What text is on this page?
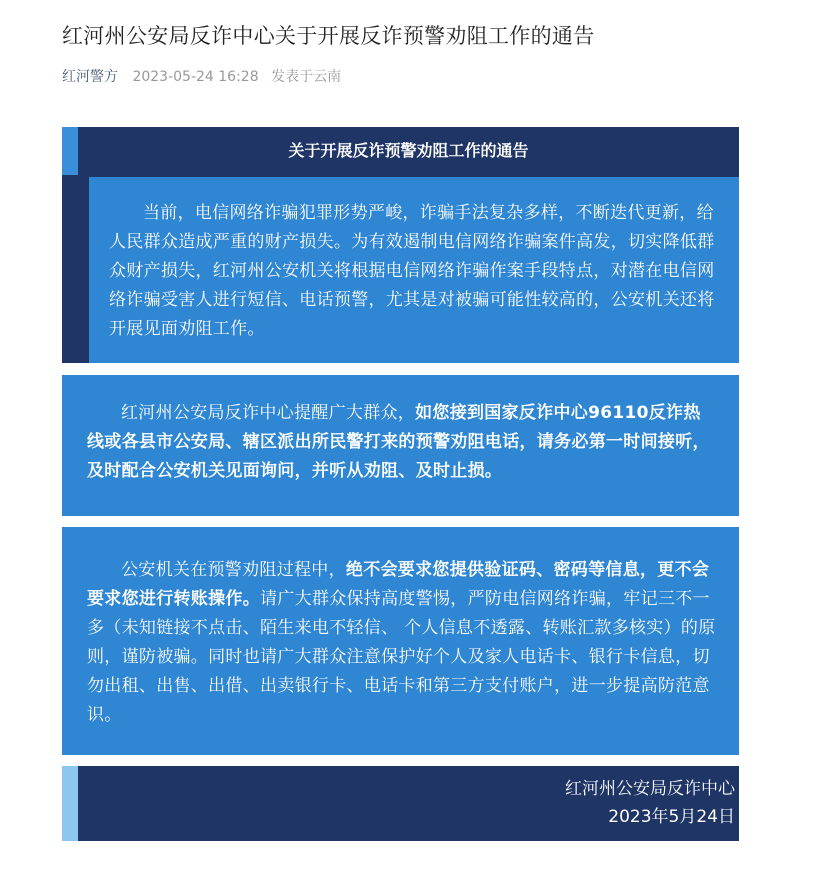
红河州公安局反诈中心关于开展反诈预警劝阻工作的通告
红河警方 2023-05-24 16:28 发表于云南
关于开展反诈预警劝阻工作的通告
当前，电信网络诈骗犯罪形势严峻，诈骗手法复杂多样，不断迭代更新，给人民群众造成严重的财产损失。为有效遏制电信网络诈骗案件高发，切实降低群众财产损失，红河州公安机关将根据电信网络诈骗作案手段特点，对潜在电信网络诈骗受害人进行短信、电话预警，尤其是对被骗可能性较高的，公安机关还将开展见面劝阻工作。
红河州公安局反诈中心提醒广大群众，如您接到国家反诈中心96110反诈热线或各县市公安局、辖区派出所民警打来的预警劝阻电话，请务必第一时间接听，及时配合公安机关见面询问，并听从劝阻、及时止损。
公安机关在预警劝阻过程中，绝不会要求您提供验证码、密码等信息，更不会要求您进行转账操作。请广大群众保持高度警惕，严防电信网络诈骗，牢记三不一多（未知链接不点击、陌生来电不轻信、 个人信息不透露、转账汇款多核实）的原则，谨防被骗。同时也请广大群众注意保护好个人及家人电话卡、银行卡信息，切勿出租、出售、出借、出卖银行卡、电话卡和第三方支付账户，进一步提高防范意识。
红河州公安局反诈中心
2023年5月24日
